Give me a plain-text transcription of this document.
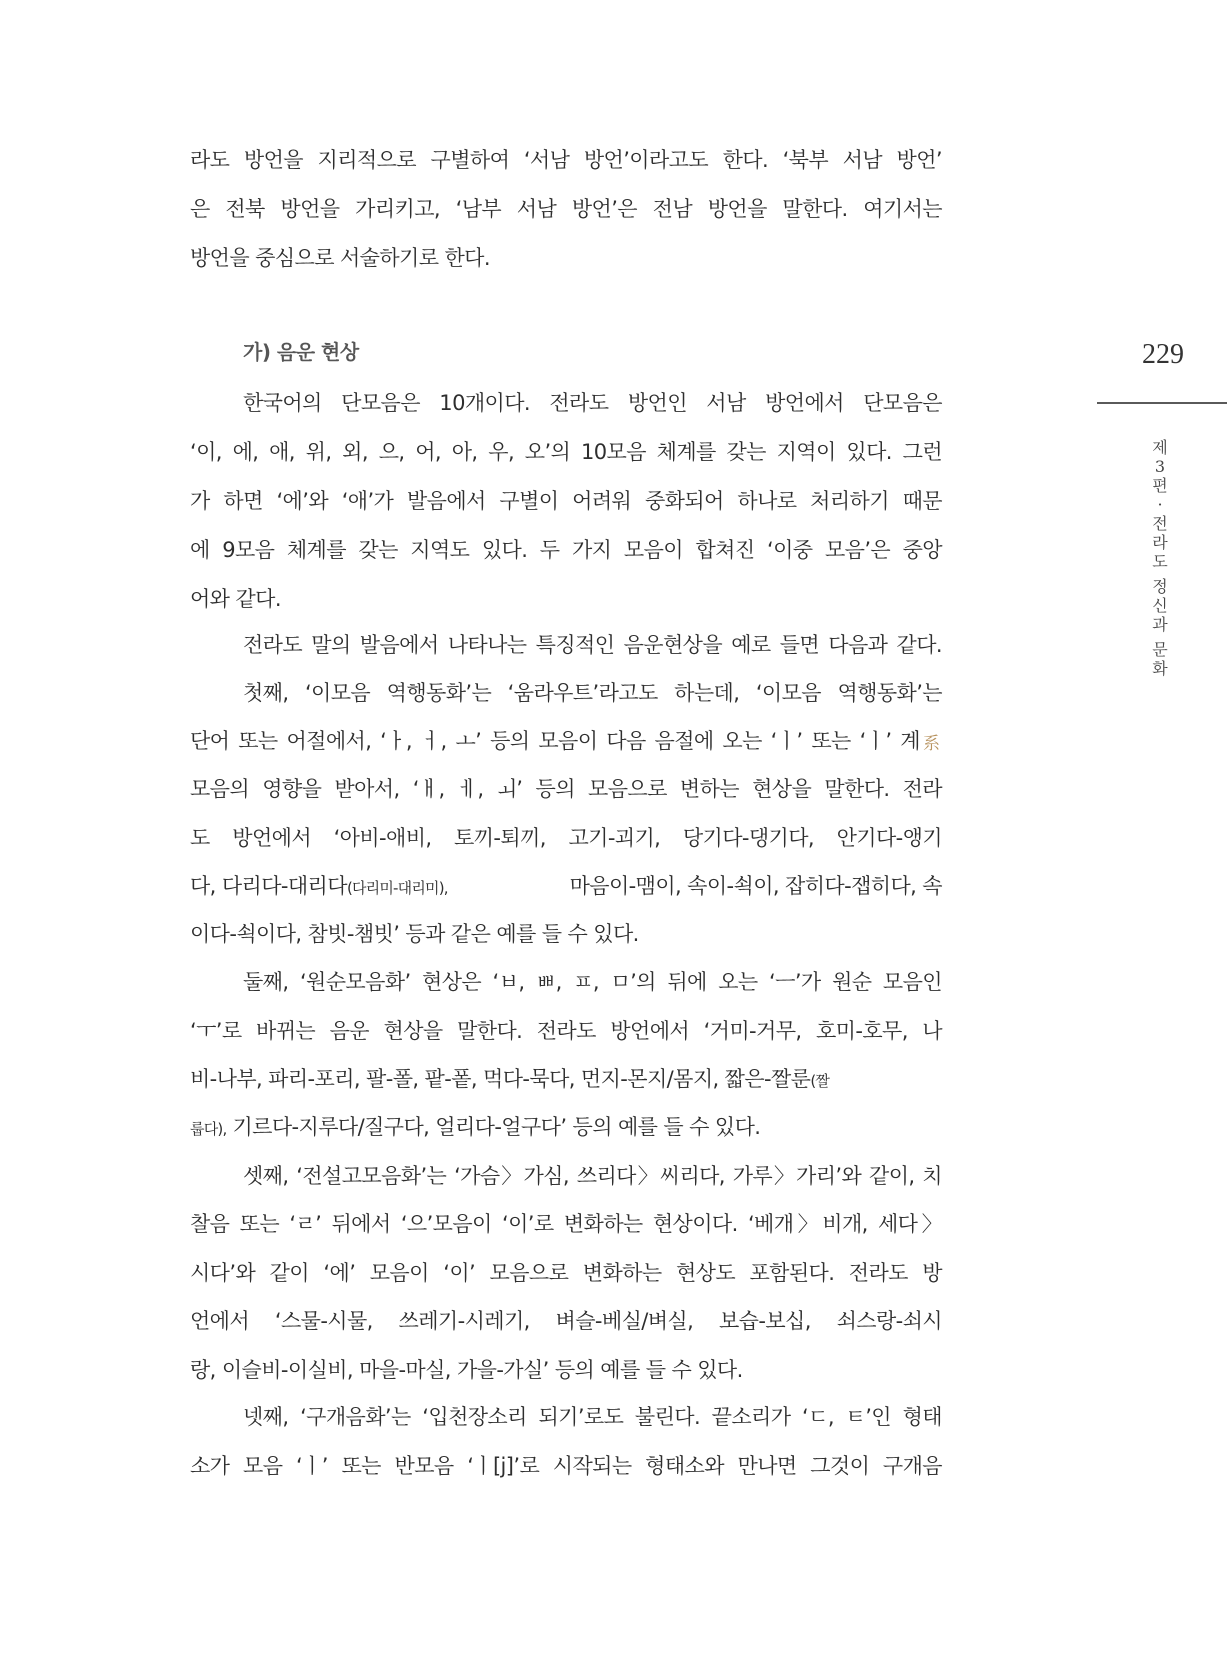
라도 방언을 지리적으로 구별하여 ‘서남 방언’이라고도 한다. ‘북부 서남 방언’
은 전북 방언을 가리키고, ‘남부 서남 방언’은 전남 방언을 말한다. 여기서는
방언을 중심으로 서술하기로 한다.
가) 음운 현상
한국어의 단모음은 10개이다. 전라도 방언인 서남 방언에서 단모음은
‘이, 에, 애, 위, 외, 으, 어, 아, 우, 오’의 10모음 체계를 갖는 지역이 있다. 그런
가 하면 ‘에’와 ‘애’가 발음에서 구별이 어려워 중화되어 하나로 처리하기 때문
에 9모음 체계를 갖는 지역도 있다. 두 가지 모음이 합쳐진 ‘이중 모음’은 중앙
어와 같다.
전라도 말의 발음에서 나타나는 특징적인 음운현상을 예로 들면 다음과 같다.
첫째, ‘이모음 역행동화’는 ‘움라우트’라고도 하는데, ‘이모음 역행동화’는
단어 또는 어절에서, ‘ㅏ, ㅓ, ㅗ’ 등의 모음이 다음 음절에 오는 ‘ㅣ’ 또는 ‘ㅣ’ 계 系
모음의 영향을 받아서, ‘ㅐ, ㅔ, ㅚ’ 등의 모음으로 변하는 현상을 말한다. 전라
도 방언에서 ‘아비-애비, 토끼-퇴끼, 고기-괴기, 당기다-댕기다, 안기다-앵기
다, 다리다-대리다(다리미-대리미),	마음이-맴이, 속이-쇡이, 잡히다-잽히다, 속
이다-쇡이다, 참빗-챔빗’ 등과 같은 예를 들 수 있다.
둘째, ‘원순모음화’ 현상은 ‘ㅂ, ㅃ, ㅍ, ㅁ’의 뒤에 오는 ‘ㅡ’가 원순 모음인
‘ㅜ’로 바뀌는 음운 현상을 말한다. 전라도 방언에서 ‘거미-거무, 호미-호무, 나
비-나부, 파리-포리, 팔-폴, 팥-퐅, 먹다-묵다, 먼지-몬지/몸지, 짧은-짤룬(짤
룹다), 기르다-지루다/질구다, 얼리다-얼구다’ 등의 예를 들 수 있다.
셋째, ‘전설고모음화’는 ‘가슴〉가심, 쓰리다〉씨리다, 가루〉가리’와 같이, 치
찰음 또는 ‘ㄹ’ 뒤에서 ‘으’모음이 ‘이’로 변화하는 현상이다. ‘베개〉비개, 세다〉
시다’와 같이 ‘에’ 모음이 ‘이’ 모음으로 변화하는 현상도 포함된다. 전라도 방
언에서 ‘스물-시물, 쓰레기-시레기, 벼슬-베실/벼실, 보습-보십, 쇠스랑-쇠시
랑, 이슬비-이실비, 마을-마실, 가을-가실’ 등의 예를 들 수 있다.
넷째, ‘구개음화’는 ‘입천장소리 되기’로도 불린다. 끝소리가 ‘ㄷ, ㅌ’인 형태
소가 모음 ‘ㅣ’ 또는 반모음 ‘ㅣ[j]’로 시작되는 형태소와 만나면 그것이 구개음
229
제
3
편
·
전
라
도
정
신
과
문
화
